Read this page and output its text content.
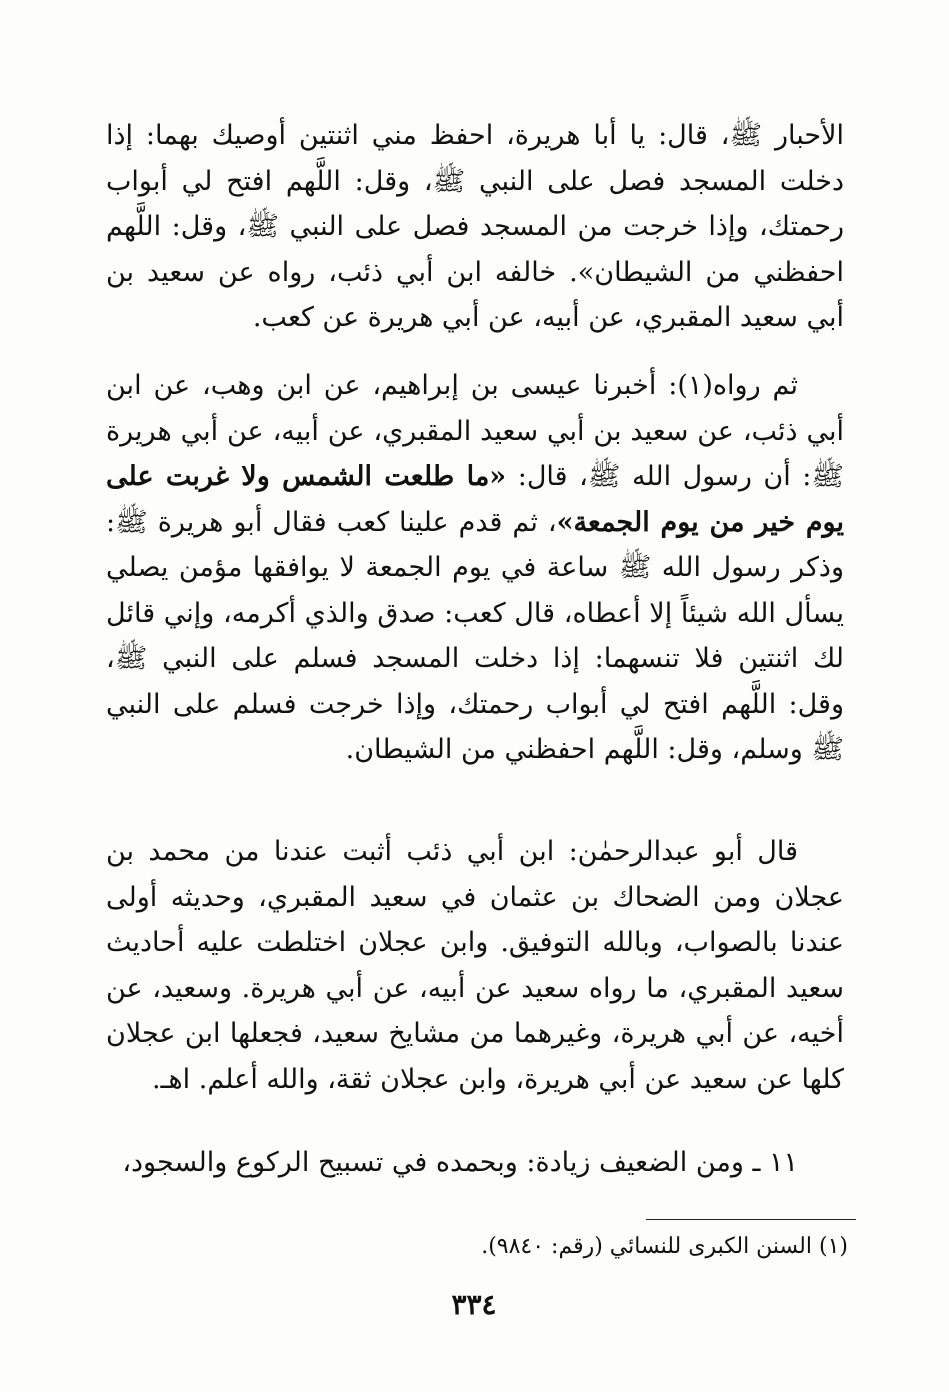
الأحبار ﷺ، قال: يا أبا هريرة، احفظ مني اثنتين أوصيك بهما: إذا دخلت المسجد فصل على النبي ﷺ، وقل: اللَّهم افتح لي أبواب رحمتك، وإذا خرجت من المسجد فصل على النبي ﷺ، وقل: اللَّهم احفظني من الشيطان». خالفه ابن أبي ذئب، رواه عن سعيد بن أبي سعيد المقبري، عن أبيه، عن أبي هريرة عن كعب.

ثم رواه(١): أخبرنا عيسى بن إبراهيم، عن ابن وهب، عن ابن أبي ذئب، عن سعيد بن أبي سعيد المقبري، عن أبيه، عن أبي هريرة ﷺ: أن رسول الله ﷺ، قال: «ما طلعت الشمس ولا غربت على يوم خير من يوم الجمعة»، ثم قدم علينا كعب فقال أبو هريرة ﷺ: وذكر رسول الله ﷺ ساعة في يوم الجمعة لا يوافقها مؤمن يصلي يسأل الله شيئاً إلا أعطاه، قال كعب: صدق والذي أكرمه، وإني قائل لك اثنتين فلا تنسهما: إذا دخلت المسجد فسلم على النبي ﷺ، وقل: اللَّهم افتح لي أبواب رحمتك، وإذا خرجت فسلم على النبي ﷺ وسلم، وقل: اللَّهم احفظني من الشيطان.

قال أبو عبدالرحمٰن: ابن أبي ذئب أثبت عندنا من محمد بن عجلان ومن الضحاك بن عثمان في سعيد المقبري، وحديثه أولى عندنا بالصواب، وبالله التوفيق. وابن عجلان اختلطت عليه أحاديث سعيد المقبري، ما رواه سعيد عن أبيه، عن أبي هريرة. وسعيد، عن أخيه، عن أبي هريرة، وغيرهما من مشايخ سعيد، فجعلها ابن عجلان كلها عن سعيد عن أبي هريرة، وابن عجلان ثقة، والله أعلم. اهـ.

١١ ـ ومن الضعيف زيادة: وبحمده في تسبيح الركوع والسجود،

(١) السنن الكبرى للنسائي (رقم: ٩٨٤٠).

٣٣٤
